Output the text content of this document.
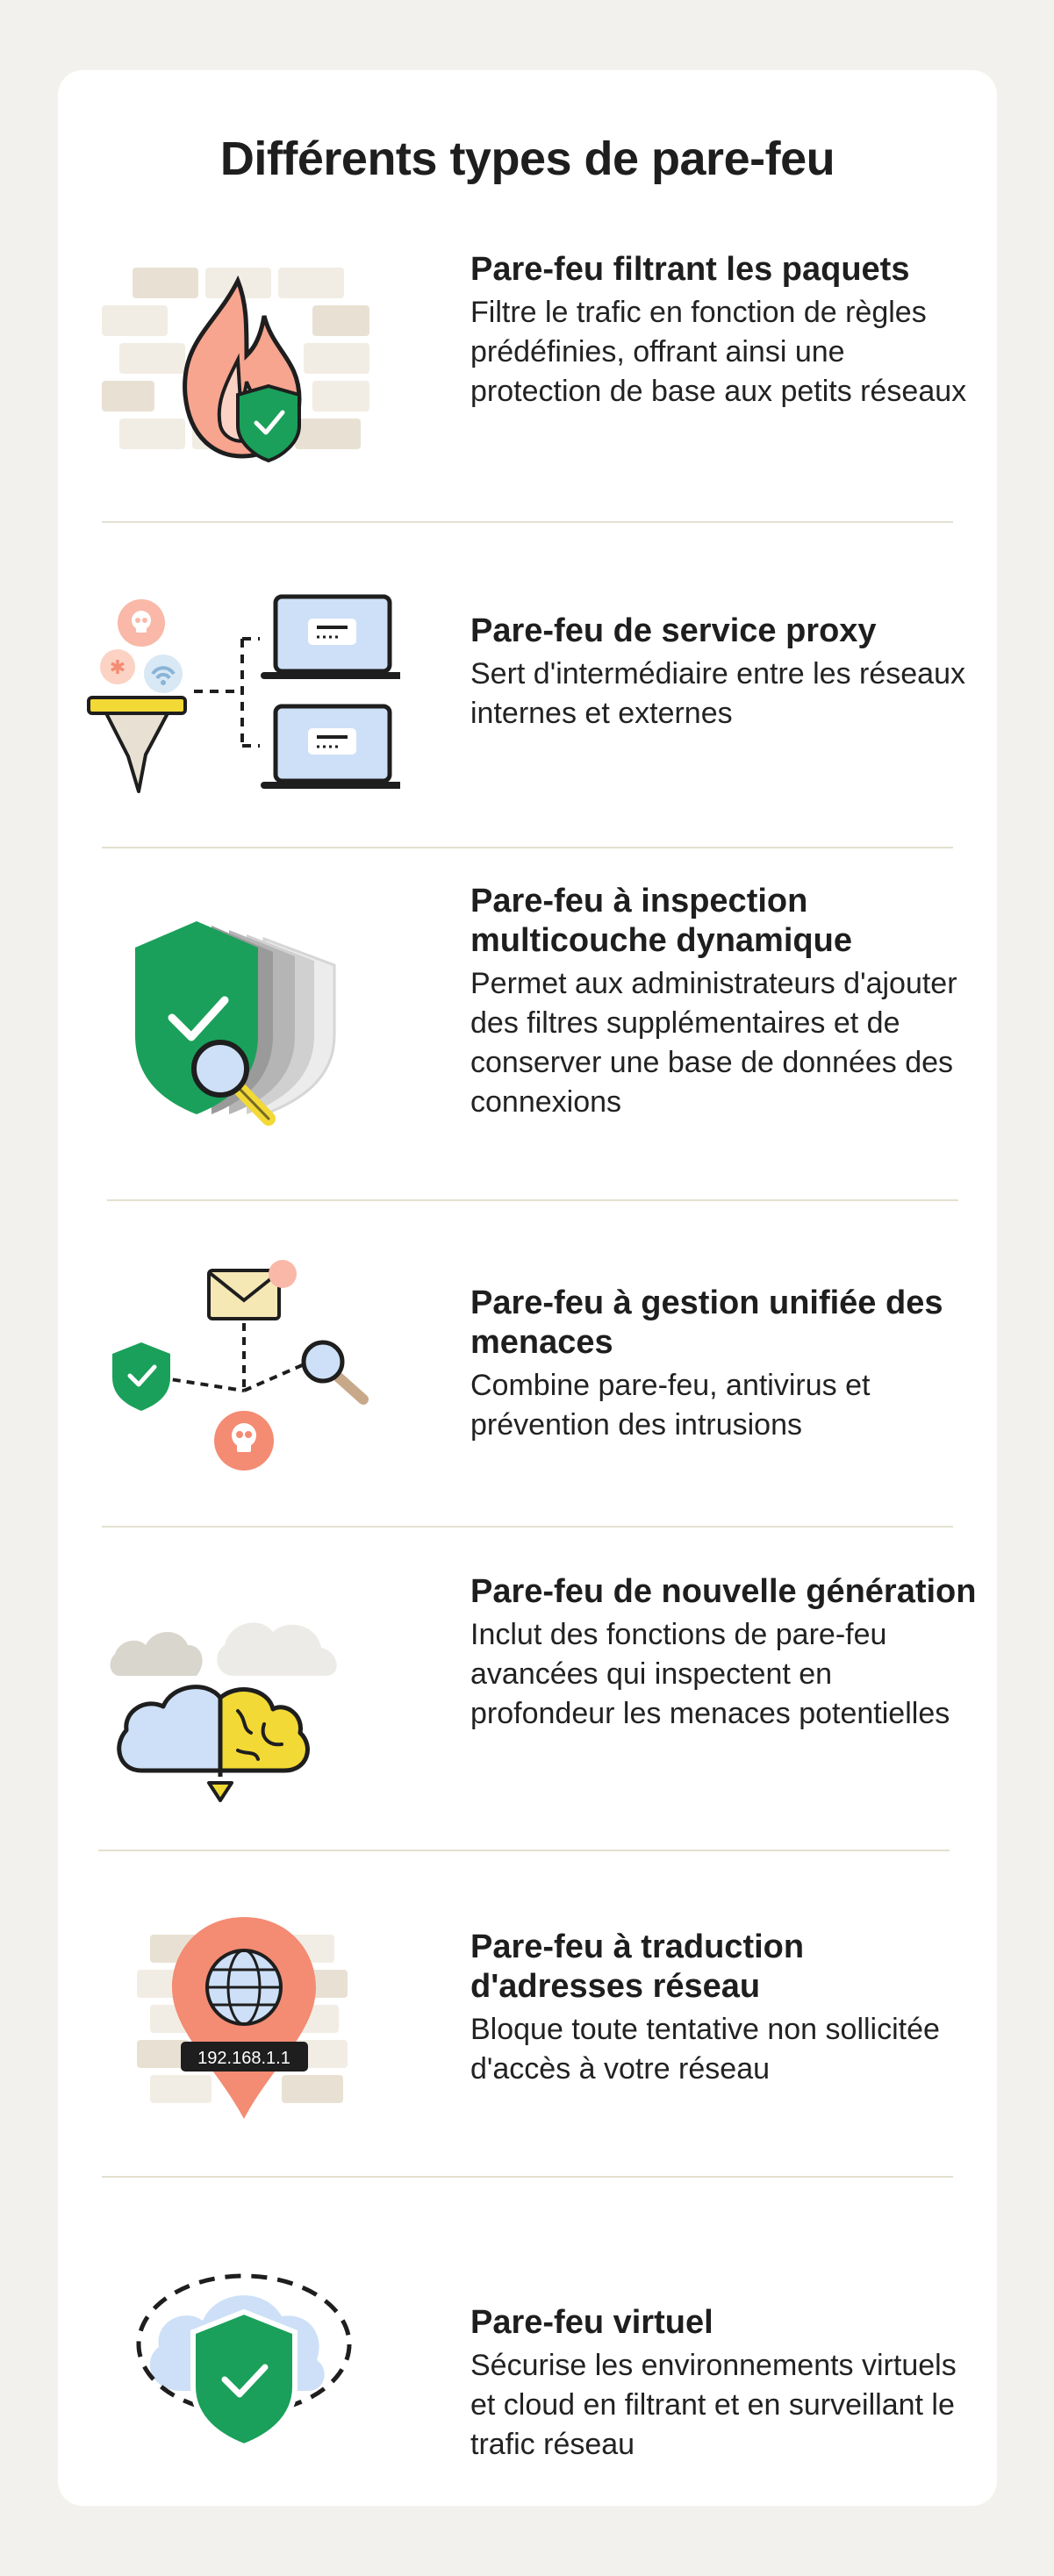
Différents types de pare-feu

Pare-feu filtrant les paquets

Filtre le trafic en fonction de règles prédéfinies, offrant ainsi une protection de base aux petits réseaux

✱

Pare-feu de service proxy

Sert d'intermédiaire entre les réseaux internes et externes

Pare-feu à inspection multicouche dynamique

Permet aux administrateurs d'ajouter des filtres supplémentaires et de conserver une base de données des connexions

Pare-feu à gestion unifiée des menaces

Combine pare-feu, antivirus et prévention des intrusions

Pare-feu de nouvelle génération

Inclut des fonctions de pare-feu avancées qui inspectent en profondeur les menaces potentielles

192.168.1.1

Pare-feu à traduction d'adresses réseau

Bloque toute tentative non sollicitée d'accès à votre réseau

Pare-feu virtuel

Sécurise les environnements virtuels et cloud en filtrant et en surveillant le trafic réseau
